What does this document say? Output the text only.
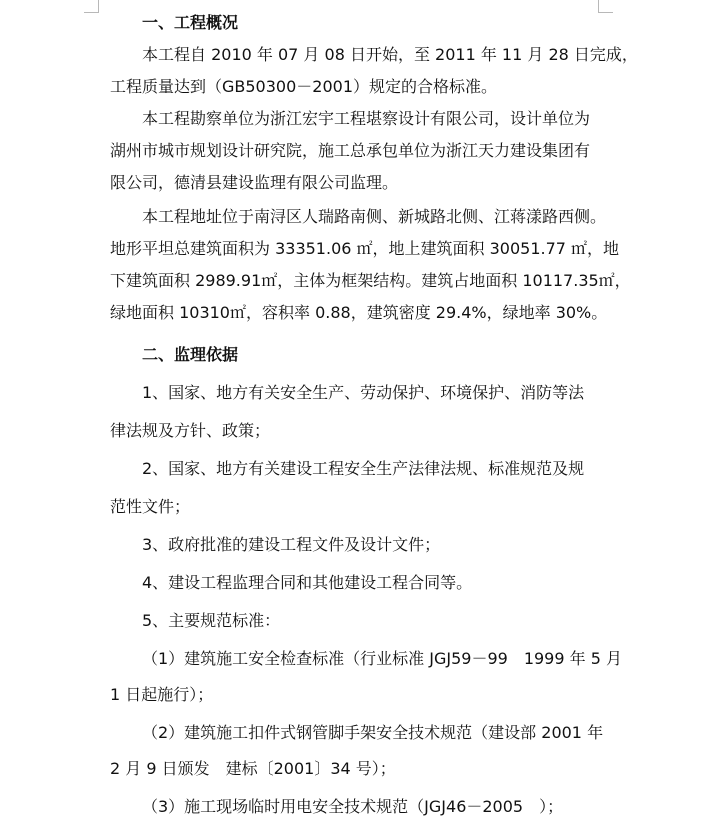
一、工程概况
本工程自 2010 年 07 月 08 日开始，至 2011 年 11 月 28 日完成，
工程质量达到（GB50300－2001）规定的合格标准。
本工程勘察单位为浙江宏宇工程堪察设计有限公司，设计单位为
湖州市城市规划设计研究院，施工总承包单位为浙江天力建设集团有
限公司，德清县建设监理有限公司监理。
本工程地址位于南浔区人瑞路南侧、新城路北侧、江蒋漾路西侧。
地形平坦总建筑面积为 33351.06 ㎡，地上建筑面积 30051.77 ㎡，地
下建筑面积 2989.91㎡，主体为框架结构。建筑占地面积 10117.35㎡，
绿地面积 10310㎡，容积率 0.88，建筑密度 29.4%，绿地率 30%。
二、监理依据
1、国家、地方有关安全生产、劳动保护、环境保护、消防等法
律法规及方针、政策；
2、国家、地方有关建设工程安全生产法律法规、标准规范及规
范性文件；
3、政府批准的建设工程文件及设计文件；
4、建设工程监理合同和其他建设工程合同等。
5、主要规范标准：
（1）建筑施工安全检查标准（行业标准 JGJ59－99　1999 年 5 月
1 日起施行）；
（2）建筑施工扣件式钢管脚手架安全技术规范（建设部 2001 年
2 月 9 日颁发　建标〔2001〕34 号）；
（3）施工现场临时用电安全技术规范（JGJ46－2005　）；
